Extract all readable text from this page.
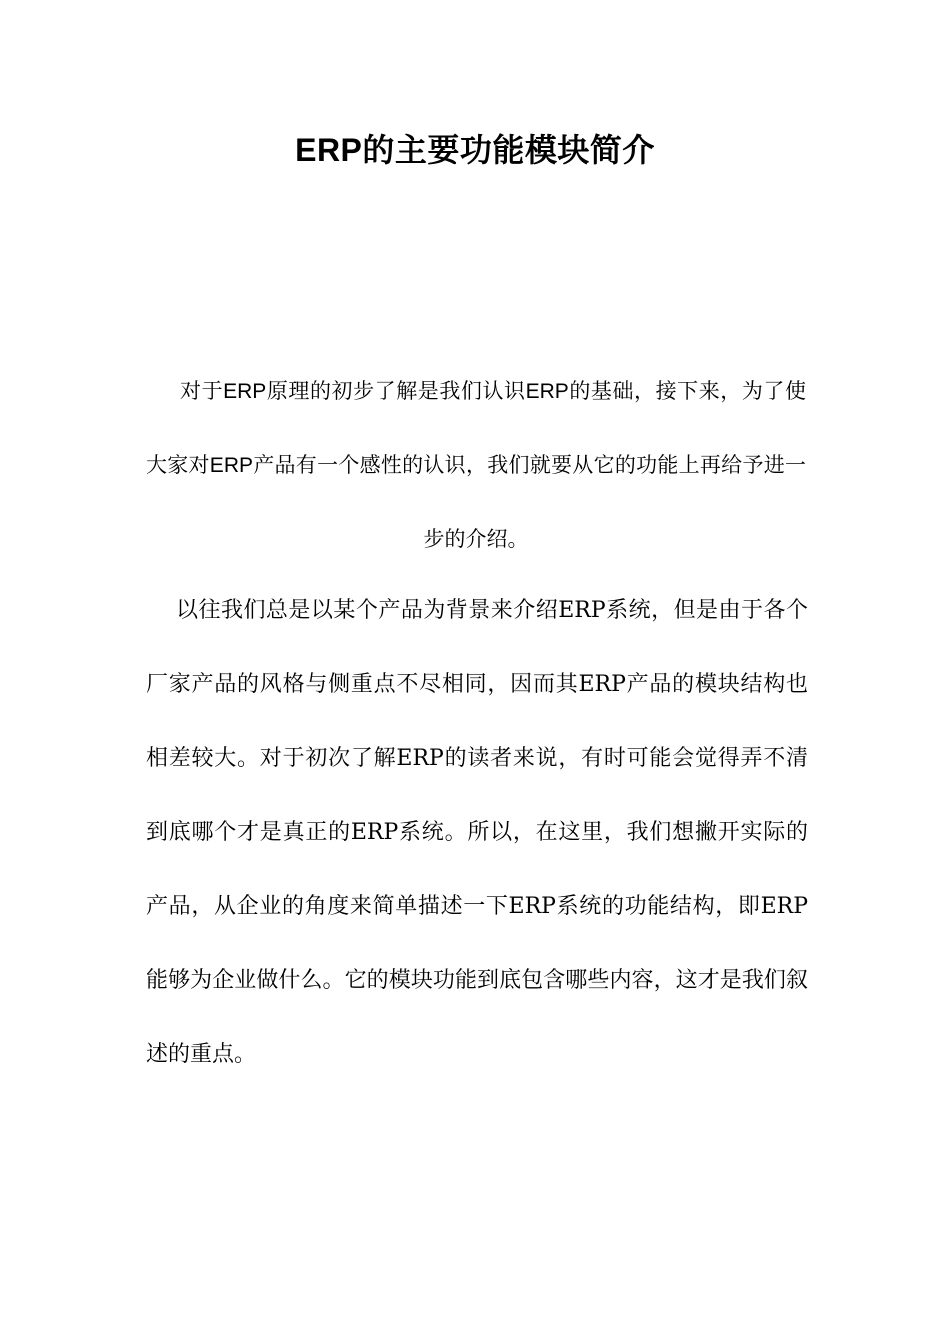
ERP的主要功能模块简介

对于ERP原理的初步了解是我们认识ERP的基础，接下来，为了使大家对ERP产品有一个感性的认识，我们就要从它的功能上再给予进一步的介绍。

以往我们总是以某个产品为背景来介绍ERP系统，但是由于各个厂家产品的风格与侧重点不尽相同，因而其ERP产品的模块结构也相差较大。对于初次了解ERP的读者来说，有时可能会觉得弄不清到底哪个才是真正的ERP系统。所以，在这里，我们想撇开实际的产品，从企业的角度来简单描述一下ERP系统的功能结构，即ERP能够为企业做什么。它的模块功能到底包含哪些内容，这才是我们叙述的重点。
